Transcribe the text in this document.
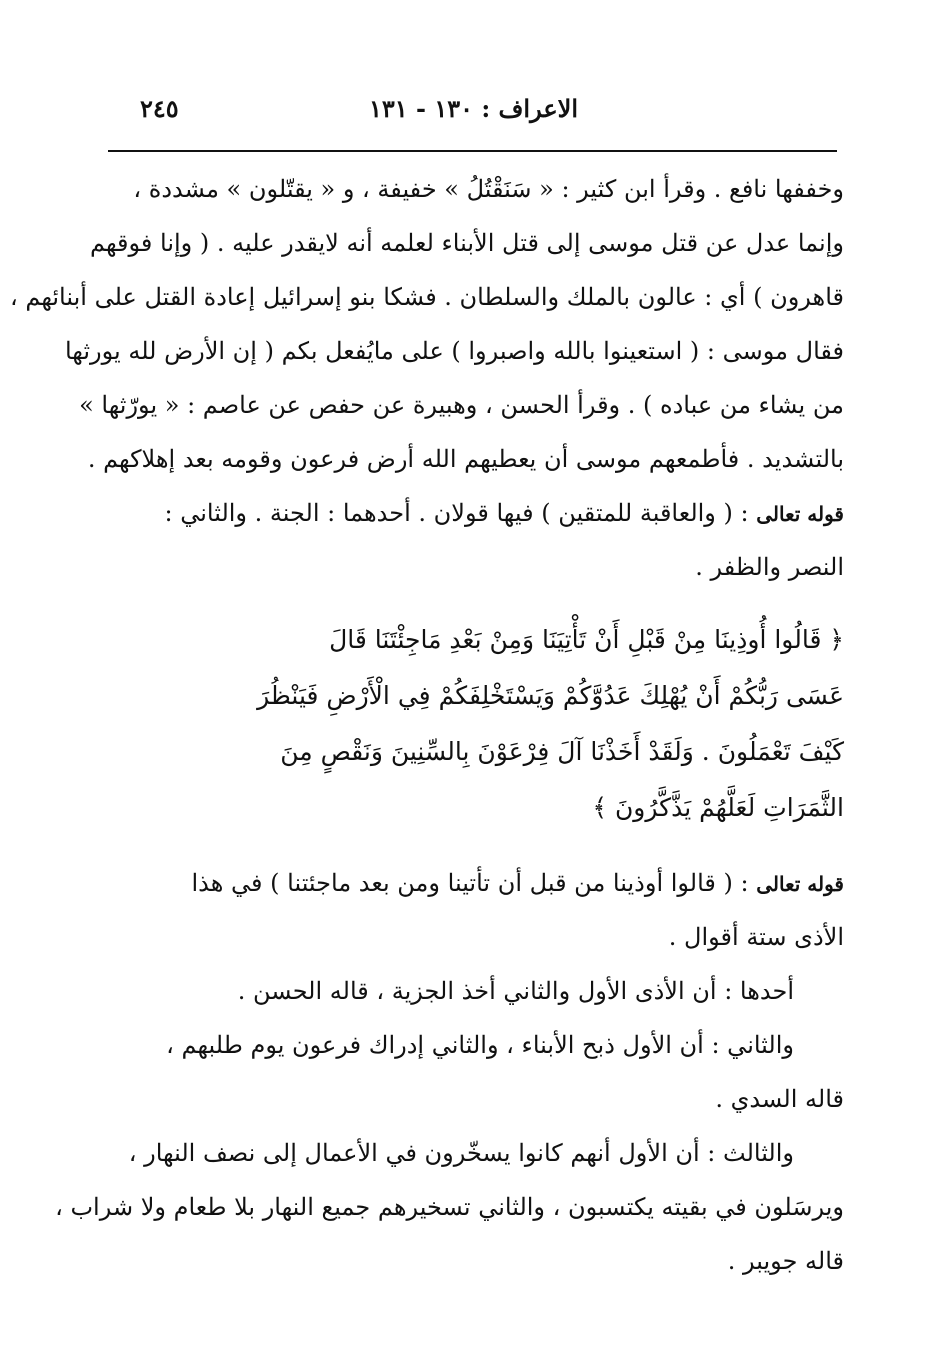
الاعراف : ١٣٠ - ١٣١
٢٤٥
وخففها نافع . وقرأ ابن كثير : « سَنَقْتُلُ » خفيفة ، و « يقتّلون » مشددة ،
وإنما عدل عن قتل موسى إلى قتل الأبناء لعلمه أنه لايقدر عليه . ( وإنا فوقهم
قاهرون ) أي : عالون بالملك والسلطان . فشكا بنو إسرائيل إعادة القتل على أبنائهم ،
فقال موسى : ( استعينوا بالله واصبروا ) على مايُفعل بكم ( إن الأرض لله يورثها
من يشاء من عباده ) . وقرأ الحسن ، وهبيرة عن حفص عن عاصم : « يورّثها »
بالتشديد . فأطمعهم موسى أن يعطيهم الله أرض فرعون وقومه بعد إهلاكهم .
قوله تعالى : ( والعاقبة للمتقين ) فيها قولان . أحدهما : الجنة . والثاني :
النصر والظفر .
﴿ قَالُوا أُوذِينَا مِنْ قَبْلِ أَنْ تَأْتِيَنَا وَمِنْ بَعْدِ مَاجِئْتَنَا قَالَ
عَسَى رَبُّكُمْ أَنْ يُهْلِكَ عَدُوَّكُمْ وَيَسْتَخْلِفَكُمْ فِي الْأَرْضِ فَيَنْظُرَ
كَيْفَ تَعْمَلُونَ . وَلَقَدْ أَخَذْنَا آلَ فِرْعَوْنَ بِالسِّنِينَ وَنَقْصٍ مِنَ
الثَّمَرَاتِ لَعَلَّهُمْ يَذَّكَّرُونَ ﴾
قوله تعالى : ( قالوا أوذينا من قبل أن تأتينا ومن بعد ماجئتنا ) في هذا
الأذى ستة أقوال .
أحدها : أن الأذى الأول والثاني أخذ الجزية ، قاله الحسن .
والثاني : أن الأول ذبح الأبناء ، والثاني إدراك فرعون يوم طلبهم ،
قاله السدي .
والثالث : أن الأول أنهم كانوا يسخّرون في الأعمال إلى نصف النهار ،
ويرسَلون في بقيته يكتسبون ، والثاني تسخيرهم جميع النهار بلا طعام ولا شراب ،
قاله جويبر .
